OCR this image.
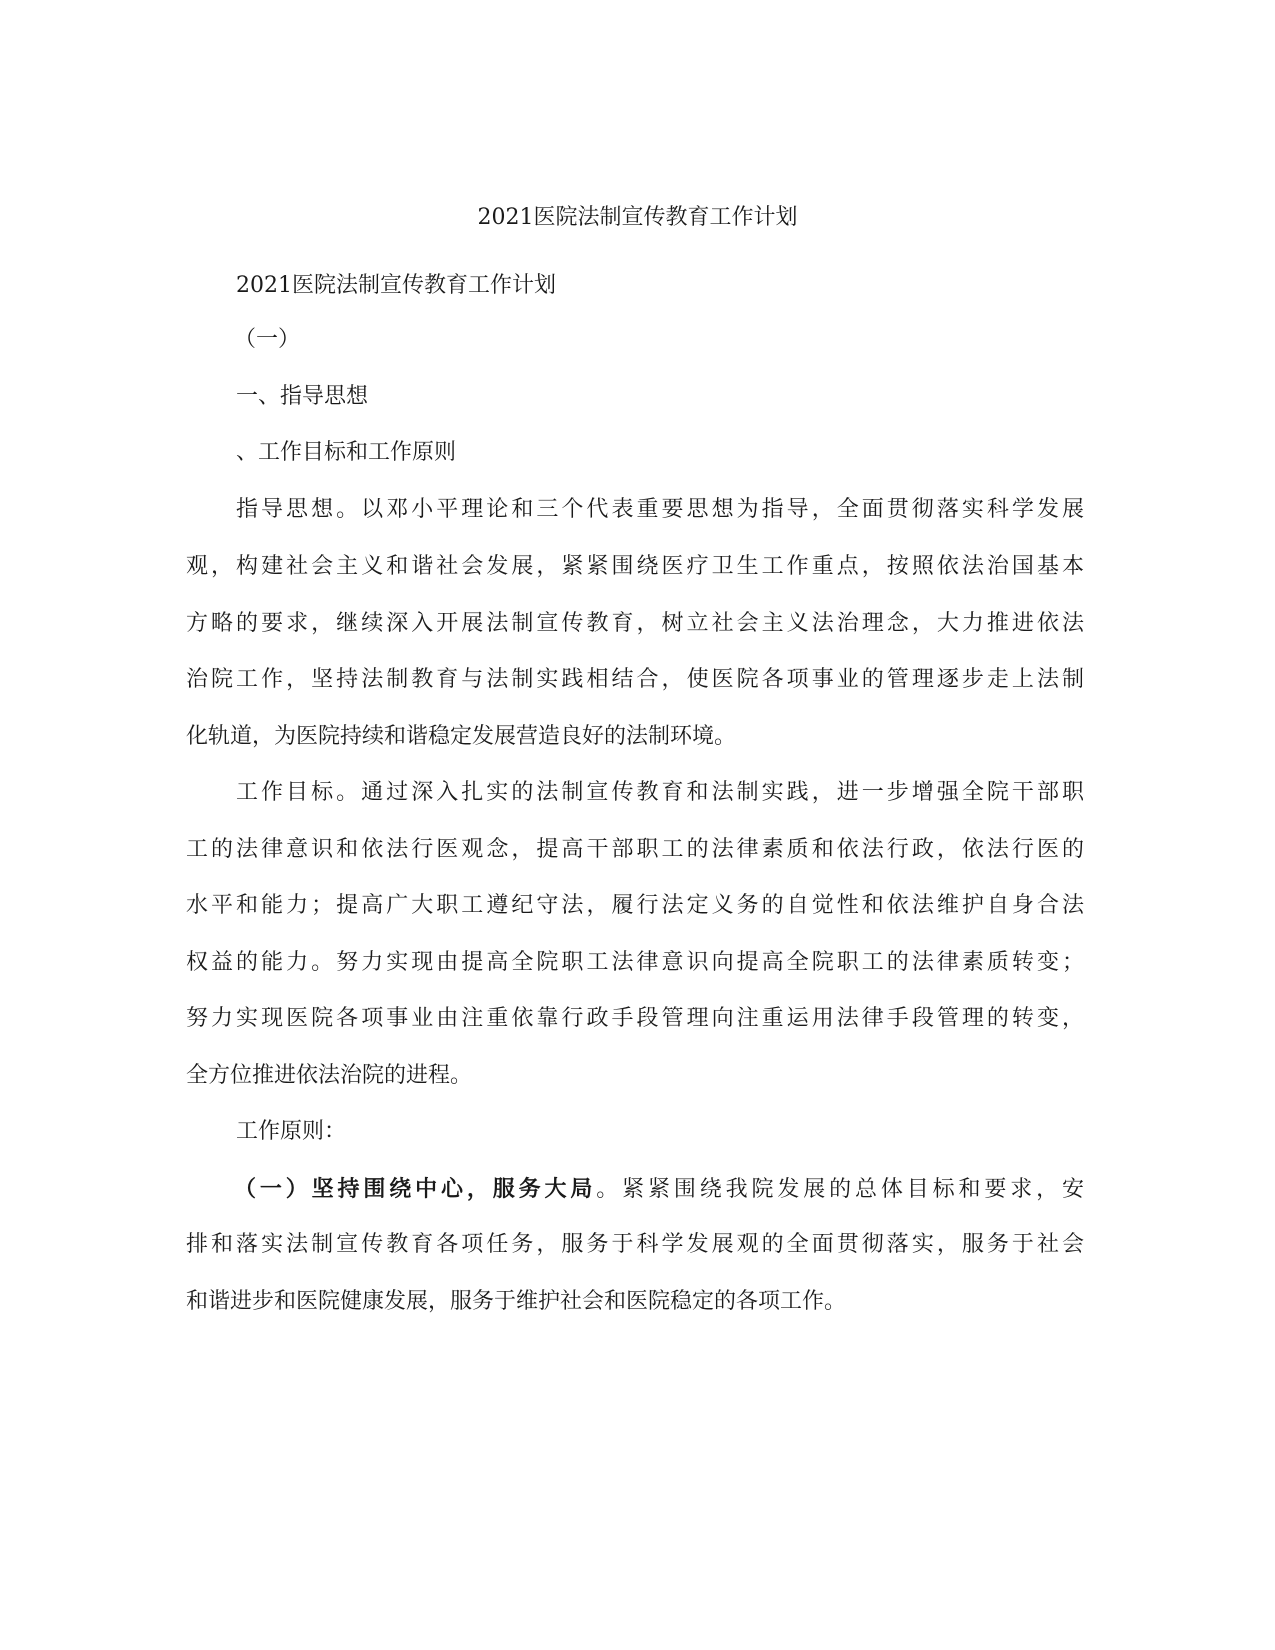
2021医院法制宣传教育工作计划
2021医院法制宣传教育工作计划
（一）
一、指导思想
、工作目标和工作原则
指导思想。以邓小平理论和三个代表重要思想为指导，全面贯彻落实科学发展
观，构建社会主义和谐社会发展，紧紧围绕医疗卫生工作重点，按照依法治国基本
方略的要求，继续深入开展法制宣传教育，树立社会主义法治理念，大力推进依法
治院工作，坚持法制教育与法制实践相结合，使医院各项事业的管理逐步走上法制
化轨道，为医院持续和谐稳定发展营造良好的法制环境。
工作目标。通过深入扎实的法制宣传教育和法制实践，进一步增强全院干部职
工的法律意识和依法行医观念，提高干部职工的法律素质和依法行政，依法行医的
水平和能力；提高广大职工遵纪守法，履行法定义务的自觉性和依法维护自身合法
权益的能力。努力实现由提高全院职工法律意识向提高全院职工的法律素质转变；
努力实现医院各项事业由注重依靠行政手段管理向注重运用法律手段管理的转变，
全方位推进依法治院的进程。
工作原则：
（一）坚持围绕中心，服务大局。紧紧围绕我院发展的总体目标和要求，安
排和落实法制宣传教育各项任务，服务于科学发展观的全面贯彻落实，服务于社会
和谐进步和医院健康发展，服务于维护社会和医院稳定的各项工作。
